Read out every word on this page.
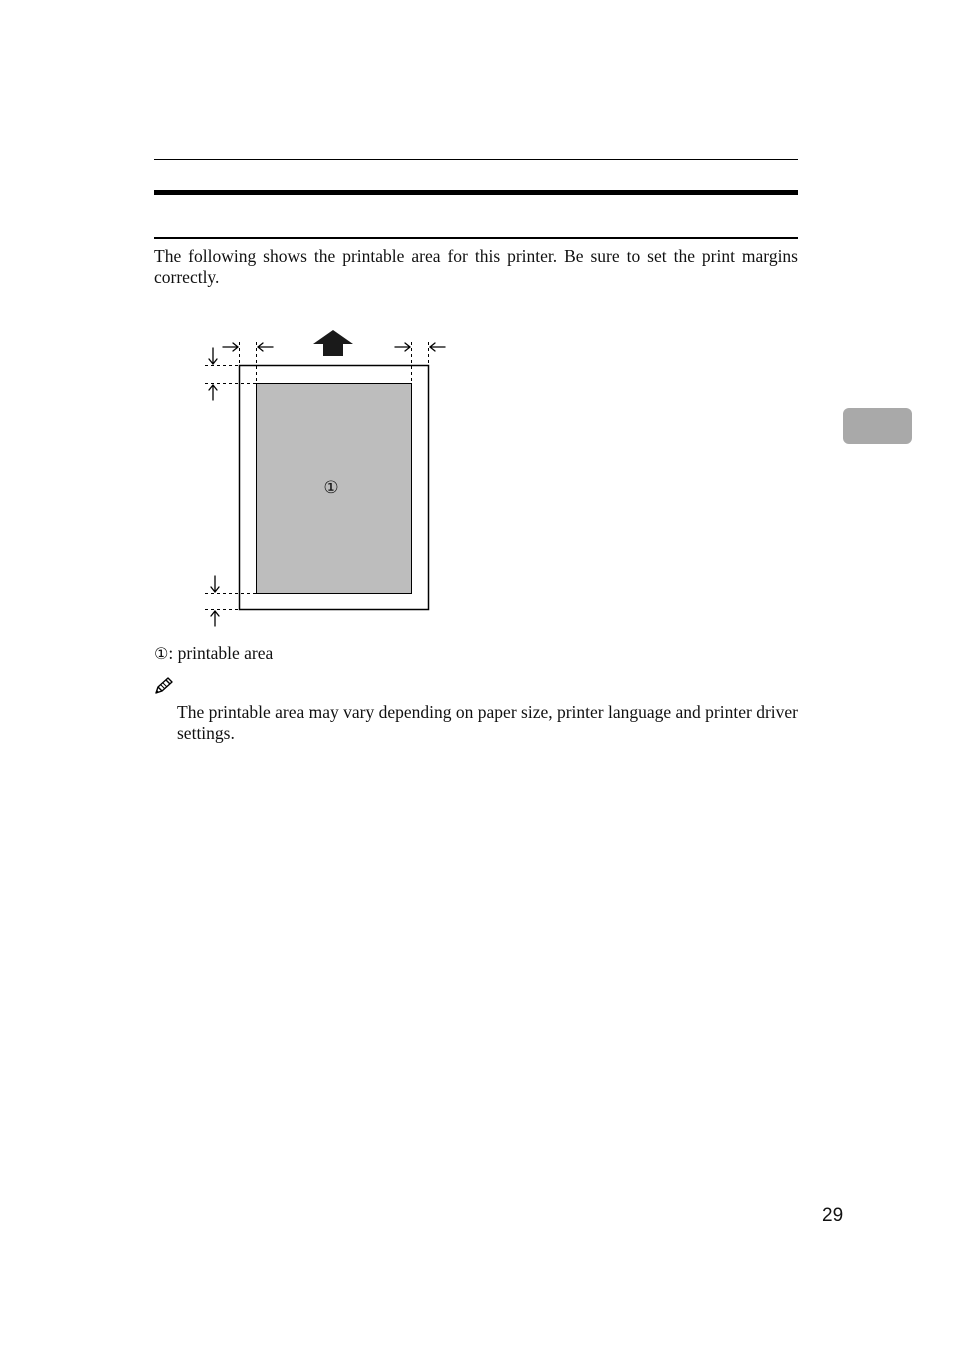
The following shows the printable area for this printer. Be sure to set the print margins correctly.

①
①: printable area

The printable area may vary depending on paper size, printer language and printer driver settings.

29
